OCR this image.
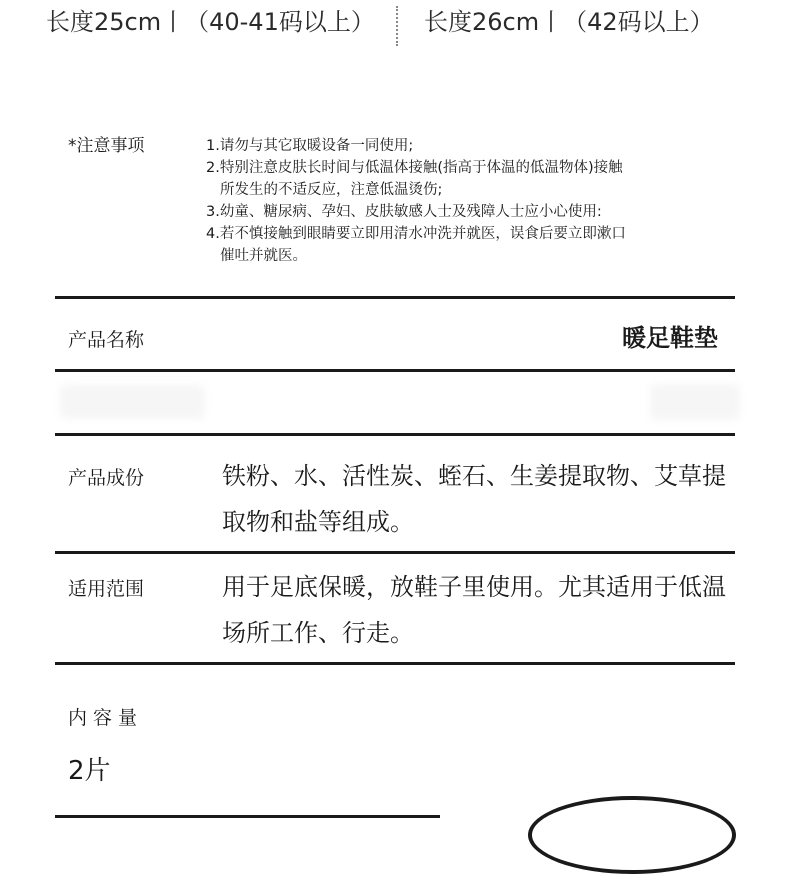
长度25cm丨（40-41码以上） 长度26cm丨（42码以上）
*注意事项	1.请勿与其它取暖设备一同使用;
2.特别注意皮肤长时间与低温体接触(指高于体温的低温物体)接触
所发生的不适反应，注意低温烫伤;
3.幼童、糖尿病、孕妇、皮肤敏感人士及残障人士应小心使用:
4.若不慎接触到眼睛要立即用清水冲洗并就医，误食后要立即漱口
催吐并就医。
产品名称	暖足鞋垫
产品成份	铁粉、水、活性炭、蛭石、生姜提取物、艾草提取物和盐等组成。
适用范围	用于足底保暖，放鞋子里使用。尤其适用于低温场所工作、行走。
内容量
2片
